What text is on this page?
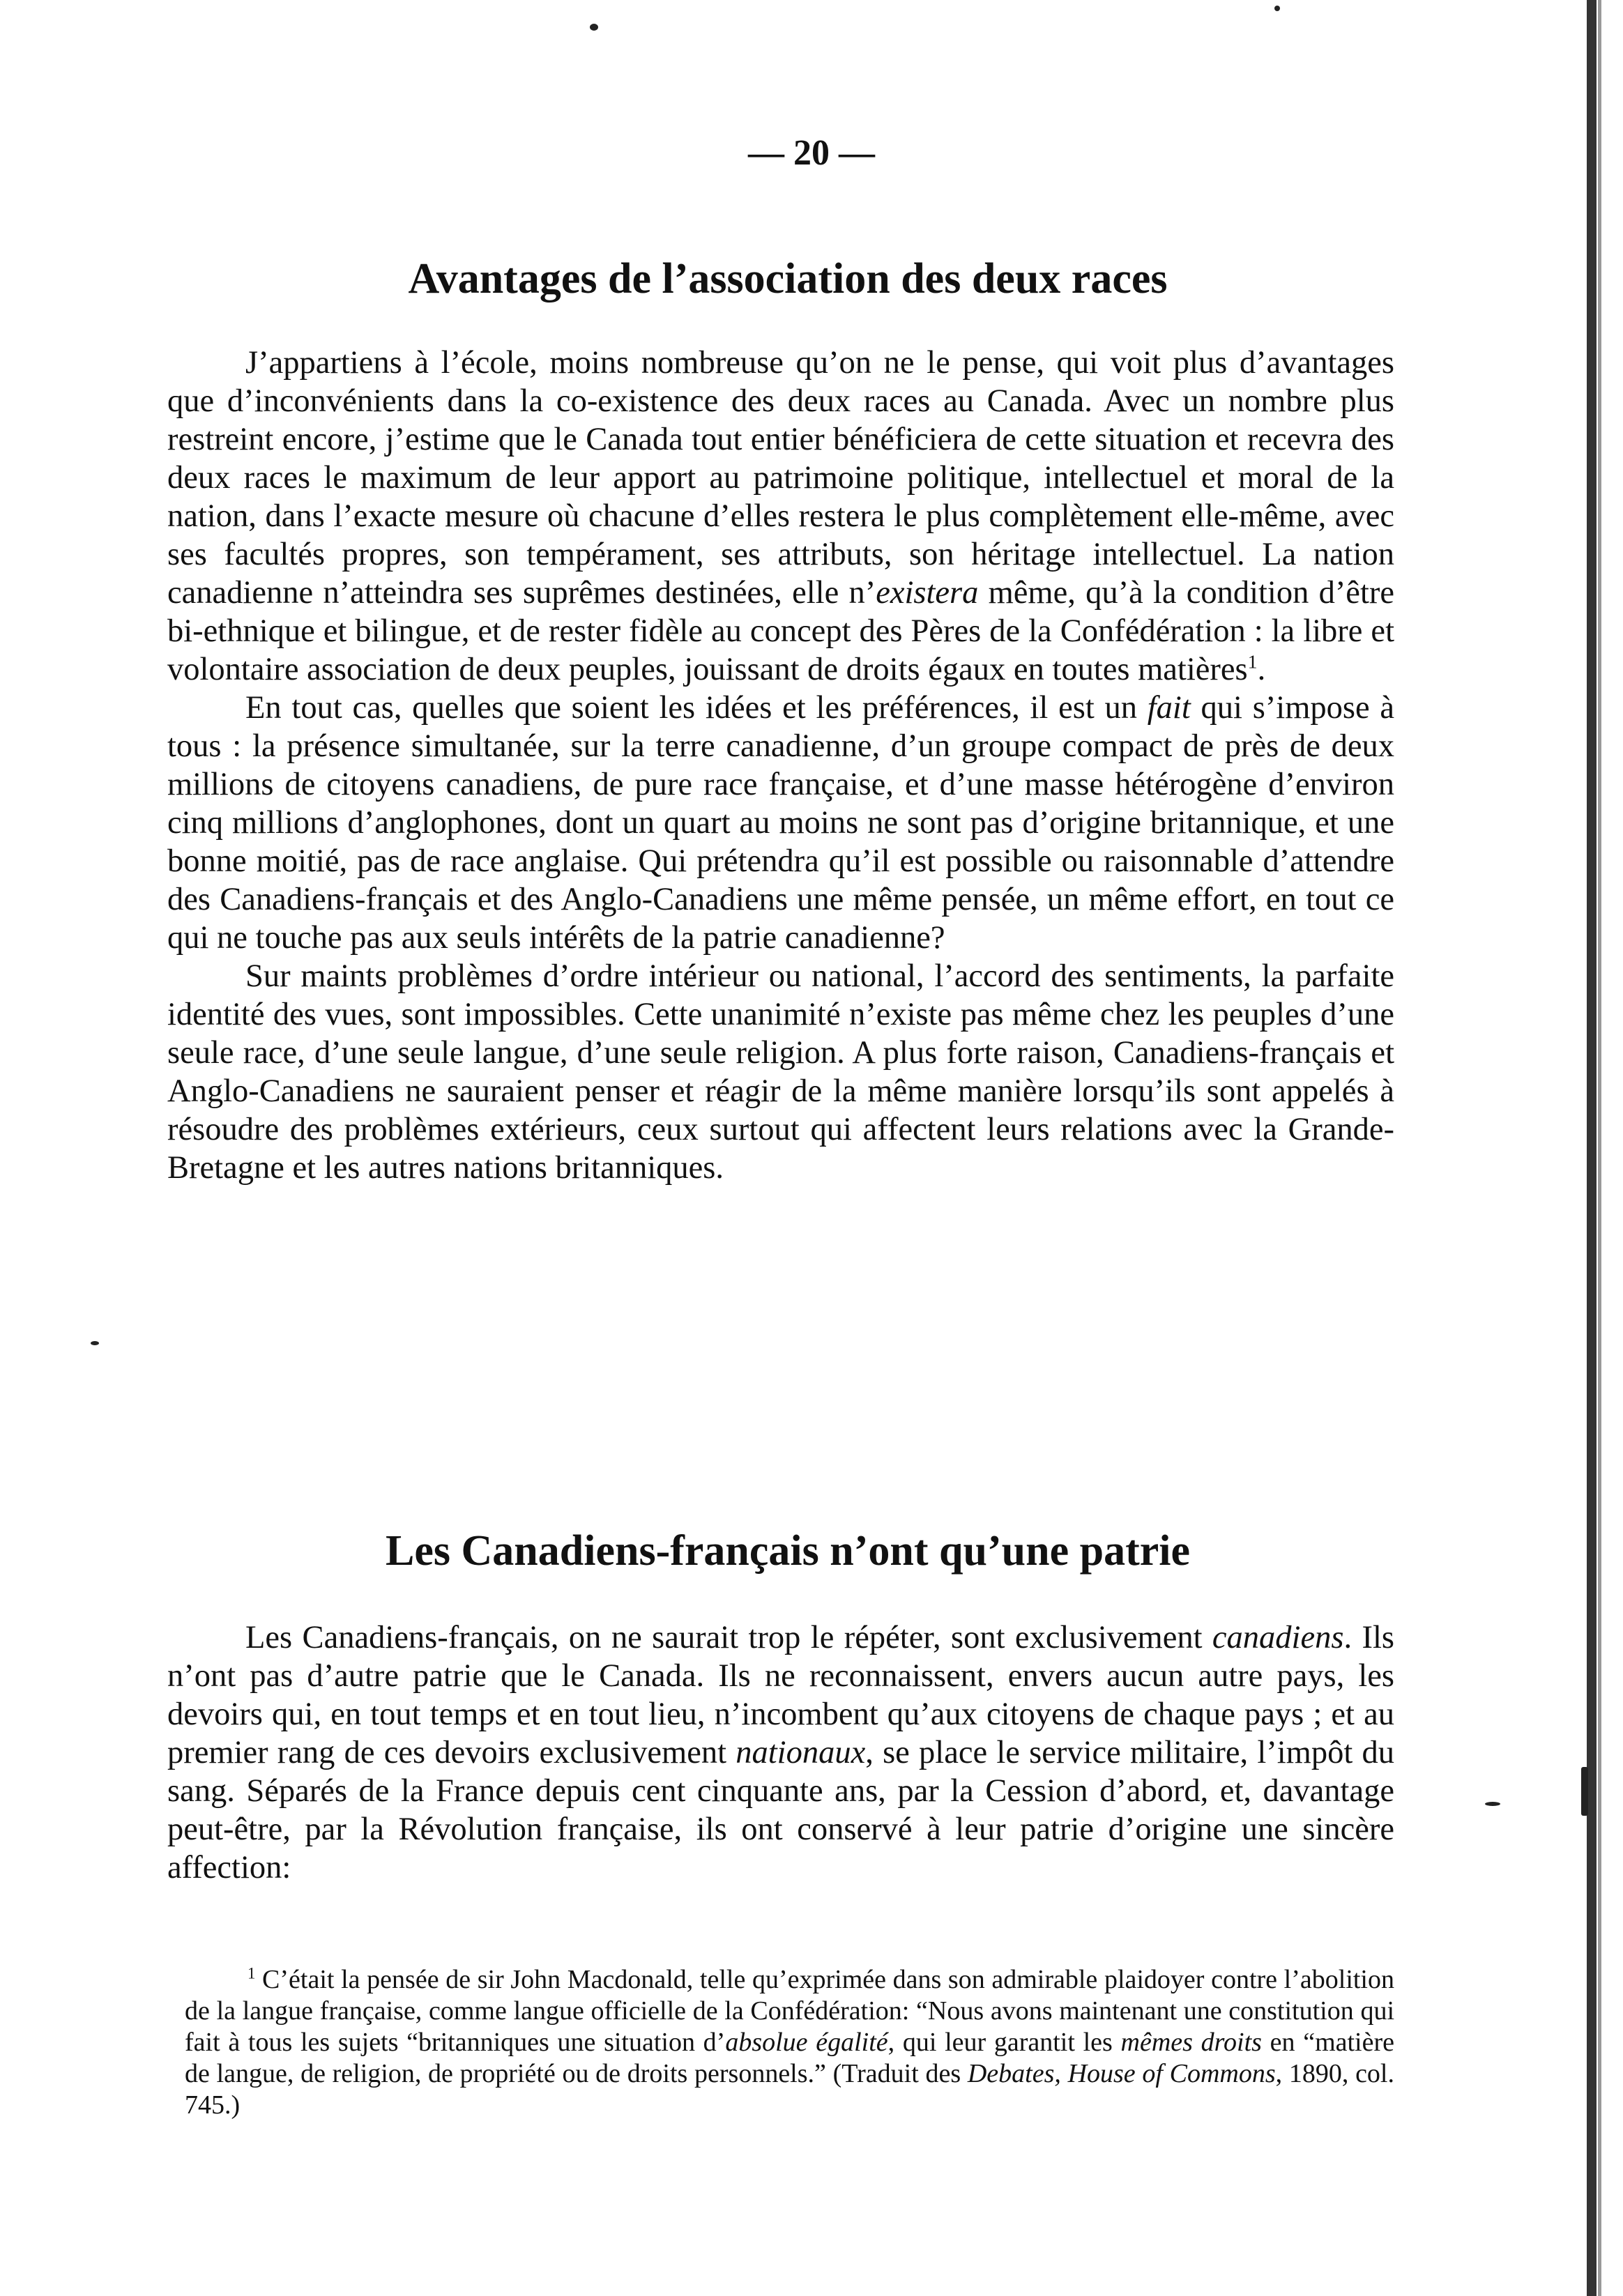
— 20 —
Avantages de l’association des deux races

J’appartiens à l’école, moins nombreuse qu’on ne le pense, qui voit plus d’avantages que d’inconvénients dans la co-existence des deux races au Canada. Avec un nombre plus restreint encore, j’estime que le Canada tout entier bénéficiera de cette situation et recevra des deux races le maximum de leur apport au patrimoine politique, intellectuel et moral de la nation, dans l’exacte mesure où chacune d’elles restera le plus complètement elle-même, avec ses facultés propres, son tempérament, ses attributs, son héritage intellectuel. La nation canadienne n’atteindra ses suprêmes destinées, elle n’existera même, qu’à la condition d’être bi-ethnique et bilingue, et de rester fidèle au concept des Pères de la Confédération : la libre et volontaire association de deux peuples, jouissant de droits égaux en toutes matières$^1$.

En tout cas, quelles que soient les idées et les préférences, il est un fait qui s’impose à tous : la présence simultanée, sur la terre canadienne, d’un groupe compact de près de deux millions de citoyens canadiens, de pure race française, et d’une masse hétérogène d’environ cinq millions d’anglophones, dont un quart au moins ne sont pas d’origine britannique, et une bonne moitié, pas de race anglaise. Qui prétendra qu’il est possible ou raisonnable d’attendre des Canadiens-français et des Anglo-Canadiens une même pensée, un même effort, en tout ce qui ne touche pas aux seuls intérêts de la patrie canadienne?

Sur maints problèmes d’ordre intérieur ou national, l’accord des sentiments, la parfaite identité des vues, sont impossibles. Cette unanimité n’existe pas même chez les peuples d’une seule race, d’une seule langue, d’une seule religion. A plus forte raison, Canadiens-français et Anglo-Canadiens ne sauraient penser et réagir de la même manière lorsqu’ils sont appelés à résoudre des problèmes extérieurs, ceux surtout qui affectent leurs relations avec la Grande-Bretagne et les autres nations britanniques.

Les Canadiens-français n’ont qu’une patrie

Les Canadiens-français, on ne saurait trop le répéter, sont exclusivement canadiens. Ils n’ont pas d’autre patrie que le Canada. Ils ne reconnaissent, envers aucun autre pays, les devoirs qui, en tout temps et en tout lieu, n’incombent qu’aux citoyens de chaque pays ; et au premier rang de ces devoirs exclusivement nationaux, se place le service militaire, l’impôt du sang. Séparés de la France depuis cent cinquante ans, par la Cession d’abord, et, davantage peut-être, par la Révolution française, ils ont conservé à leur patrie d’origine une sincère affection:

$^1$ C’était la pensée de sir John Macdonald, telle qu’exprimée dans son admirable plaidoyer contre l’abolition de la langue française, comme langue officielle de la Confédération: “Nous avons maintenant une constitution qui fait à tous les sujets “britanniques une situation d’absolue égalité, qui leur garantit les mêmes droits en “matière de langue, de religion, de propriété ou de droits personnels.” (Traduit des Debates, House of Commons, 1890, col. 745.)
